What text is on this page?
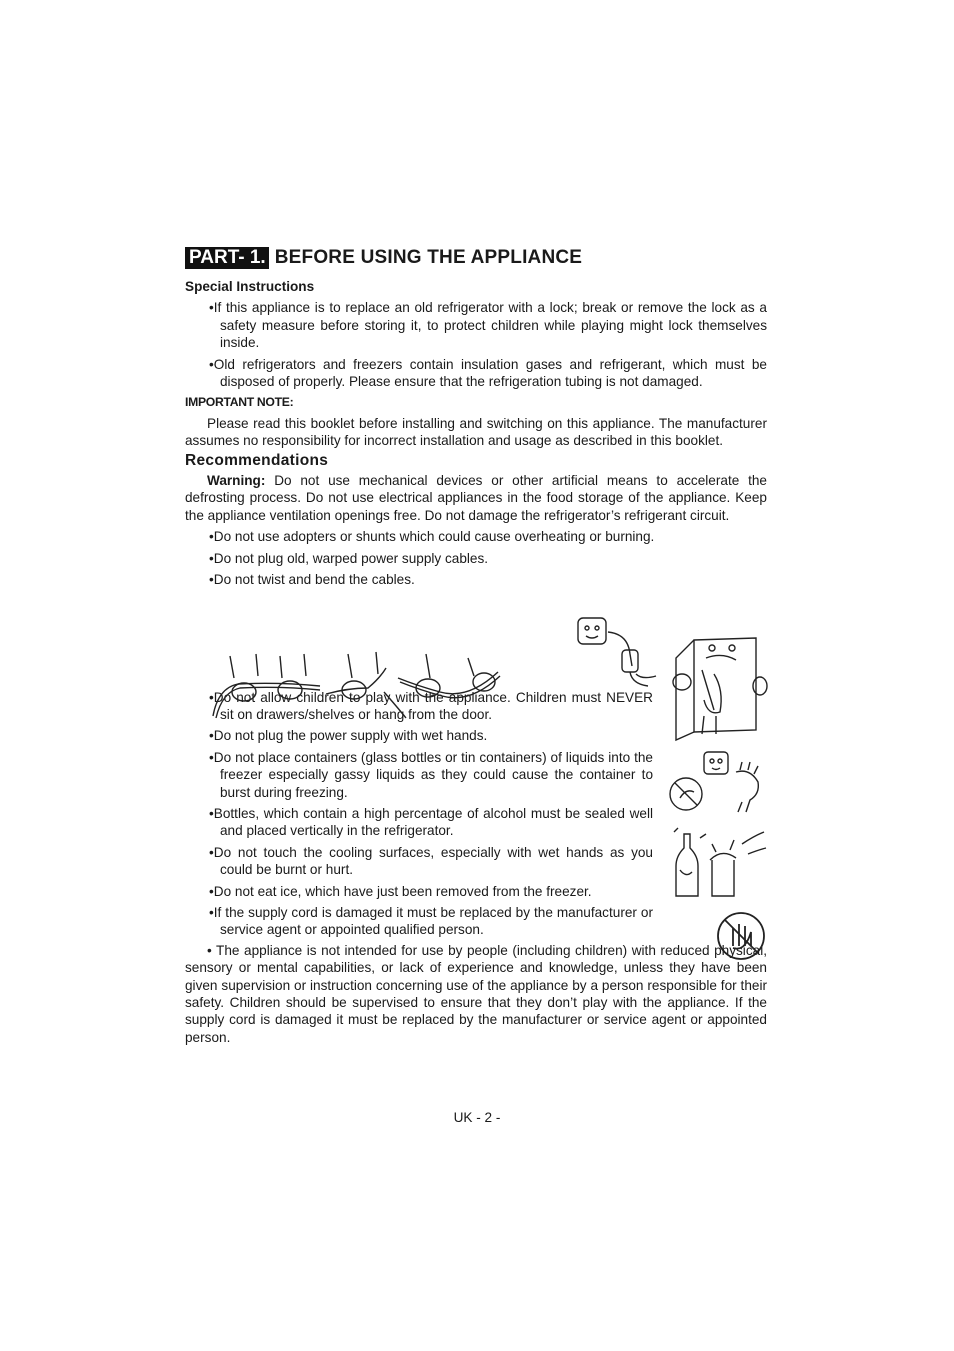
PART- 1. BEFORE USING THE APPLIANCE
Special Instructions
• If this appliance is to replace an old refrigerator with a lock; break or remove the lock as a safety measure before storing it, to protect children while playing might lock themselves inside.
• Old refrigerators and freezers contain insulation gases and refrigerant, which must be disposed of properly. Please ensure that the refrigeration tubing is not damaged.
IMPORTANT NOTE:

Please read this booklet before installing and switching on this appliance. The manufacturer assumes no responsibility for incorrect installation and usage as described in this booklet.

Recommendations

Warning: Do not use mechanical devices or other artificial means to accelerate the defrosting process. Do not use electrical appliances in the food storage of the appliance. Keep the appliance ventilation openings free. Do not damage the refrigerator’s refrigerant circuit.

• Do not use adopters or shunts which could cause overheating or burning.
• Do not plug old, warped power supply cables.
• Do not twist and bend the cables.
• Do not allow children to play with the appliance. Children must NEVER sit on drawers/shelves or hang from the door.
• Do not plug the power supply with wet hands.
• Do not place containers (glass bottles or tin containers) of liquids into the freezer especially gassy liquids as they could cause the container to burst during freezing.
• Bottles, which contain a high percentage of alcohol must be sealed well and placed vertically in the refrigerator.
• Do not touch the cooling surfaces, especially with wet hands as you could be burnt or hurt.
• Do not eat ice, which have just been removed from the freezer.
• If the supply cord is damaged it must be replaced by the manufacturer or service agent or appointed qualified person.

• The appliance is not intended for use by people (including children) with reduced physical, sensory or mental capabilities, or lack of experience and knowledge, unless they have been given supervision or instruction concerning use of the appliance by a person responsible for their safety. Children should be supervised to ensure that they don’t play with the appliance. If the supply cord is damaged it must be replaced by the manufacturer or service agent or appointed person.

UK - 2 -
